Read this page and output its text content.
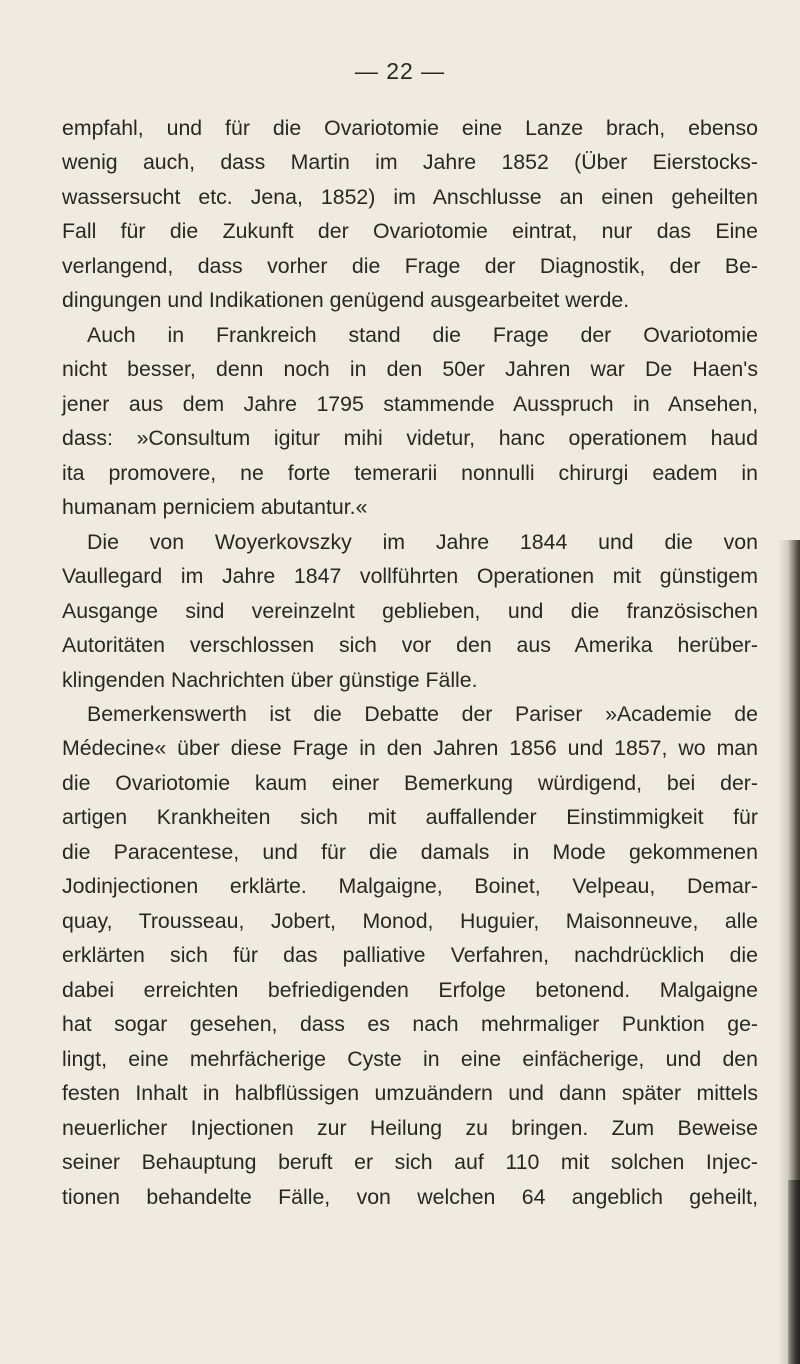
— 22 —
empfahl, und für die Ovariotomie eine Lanze brach, ebenso
wenig auch, dass Martin im Jahre 1852 (Über Eierstocks-
wassersucht etc. Jena, 1852) im Anschlusse an einen geheilten
Fall für die Zukunft der Ovariotomie eintrat, nur das Eine
verlangend, dass vorher die Frage der Diagnostik, der Be-
dingungen und Indikationen genügend ausgearbeitet werde.
Auch in Frankreich stand die Frage der Ovariotomie
nicht besser, denn noch in den 50er Jahren war De Haen's
jener aus dem Jahre 1795 stammende Ausspruch in Ansehen,
dass: »Consultum igitur mihi videtur, hanc operationem haud
ita promovere, ne forte temerarii nonnulli chirurgi eadem in
humanam perniciem abutantur.«
Die von Woyerkovszky im Jahre 1844 und die von
Vaullegard im Jahre 1847 vollführten Operationen mit günstigem
Ausgange sind vereinzelnt geblieben, und die französischen
Autoritäten verschlossen sich vor den aus Amerika herüber-
klingenden Nachrichten über günstige Fälle.
Bemerkenswerth ist die Debatte der Pariser »Academie de
Médecine« über diese Frage in den Jahren 1856 und 1857, wo man
die Ovariotomie kaum einer Bemerkung würdigend, bei der-
artigen Krankheiten sich mit auffallender Einstimmigkeit für
die Paracentese, und für die damals in Mode gekommenen
Jodinjectionen erklärte. Malgaigne, Boinet, Velpeau, Demar-
quay, Trousseau, Jobert, Monod, Huguier, Maisonneuve, alle
erklärten sich für das palliative Verfahren, nachdrücklich die
dabei erreichten befriedigenden Erfolge betonend. Malgaigne
hat sogar gesehen, dass es nach mehrmaliger Punktion ge-
lingt, eine mehrfächerige Cyste in eine einfächerige, und den
festen Inhalt in halbflüssigen umzuändern und dann später mittels
neuerlicher Injectionen zur Heilung zu bringen. Zum Beweise
seiner Behauptung beruft er sich auf 110 mit solchen Injec-
tionen behandelte Fälle, von welchen 64 angeblich geheilt,
